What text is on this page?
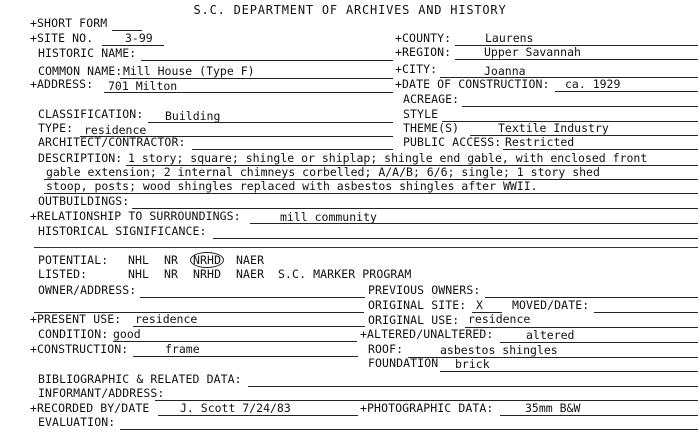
S.C. DEPARTMENT OF ARCHIVES AND HISTORY
+SHORT FORM
+SITE NO.	3-99	+COUNTY:	Laurens
HISTORIC NAME:	+REGION:	Upper Savannah
COMMON NAME: Mill House (Type F)	+CITY:	Joanna
+ADDRESS: 701 Milton	+DATE OF CONSTRUCTION: ca. 1929
ACREAGE:
CLASSIFICATION: Building	STYLE
TYPE: residence	THEME(S)	Textile Industry
ARCHITECT/CONTRACTOR:	PUBLIC ACCESS: Restricted
DESCRIPTION: 1 story; square; shingle or shiplap; shingle end gable, with enclosed front
gable extension; 2 internal chimneys corbelled; A/A/B; 6/6; single; 1 story shed
stoop, posts; wood shingles replaced with asbestos shingles after WWII.
OUTBUILDINGS:
+RELATIONSHIP TO SURROUNDINGS:	mill community
HISTORICAL SIGNIFICANCE:
POTENTIAL: NHL NR NRHD NAER
LISTED:	NHL NR NRHD NAER S.C. MARKER PROGRAM
OWNER/ADDRESS:	PREVIOUS OWNERS:
ORIGINAL SITE: X	MOVED/DATE:
+PRESENT USE: residence	ORIGINAL USE: residence
CONDITION: good	+ALTERED/UNALTERED:	altered
+CONSTRUCTION:	frame	ROOF:	asbestos shingles
FOUNDATION brick
BIBLIOGRAPHIC & RELATED DATA:
INFORMANT/ADDRESS:
+RECORDED BY/DATE	J. Scott 7/24/83	+PHOTOGRAPHIC DATA:	35mm B&W
EVALUATION:
